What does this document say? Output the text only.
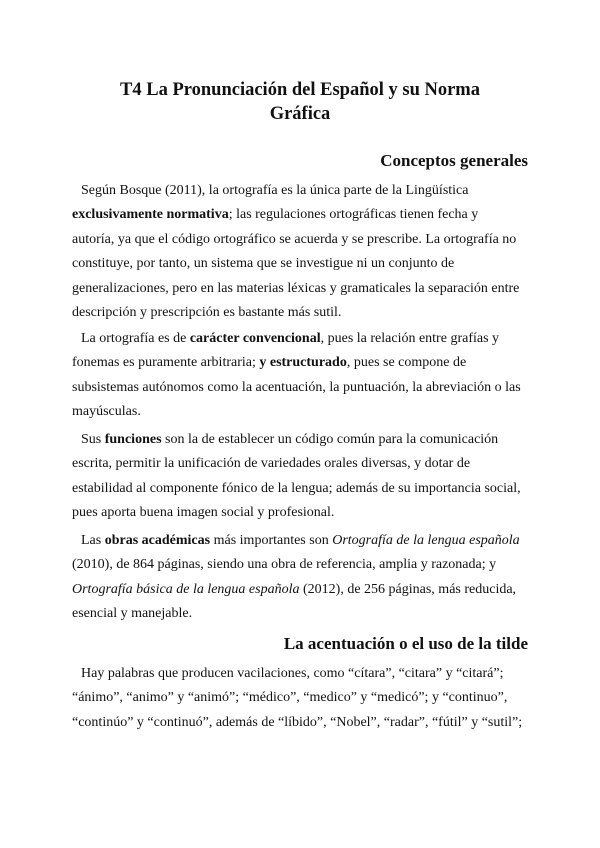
T4 La Pronunciación del Español y su Norma
Gráfica
Conceptos generales
Según Bosque (2011), la ortografía es la única parte de la Lingüística
exclusivamente normativa; las regulaciones ortográficas tienen fecha y
autoría, ya que el código ortográfico se acuerda y se prescribe. La ortografía no
constituye, por tanto, un sistema que se investigue ni un conjunto de
generalizaciones, pero en las materias léxicas y gramaticales la separación entre
descripción y prescripción es bastante más sutil.
La ortografía es de carácter convencional, pues la relación entre grafías y
fonemas es puramente arbitraria; y estructurado, pues se compone de
subsistemas autónomos como la acentuación, la puntuación, la abreviación o las
mayúsculas.
Sus funciones son la de establecer un código común para la comunicación
escrita, permitir la unificación de variedades orales diversas, y dotar de
estabilidad al componente fónico de la lengua; además de su importancia social,
pues aporta buena imagen social y profesional.
Las obras académicas más importantes son Ortografía de la lengua española
(2010), de 864 páginas, siendo una obra de referencia, amplia y razonada; y
Ortografía básica de la lengua española (2012), de 256 páginas, más reducida,
esencial y manejable.
La acentuación o el uso de la tilde
Hay palabras que producen vacilaciones, como “cítara”, “citara” y “citará”;
“ánimo”, “animo” y “animó”; “médico”, “medico” y “medicó”; y “continuo”,
“continúo” y “continuó”, además de “líbido”, “Nobel”, “radar”, “fútil” y “sutil”;
